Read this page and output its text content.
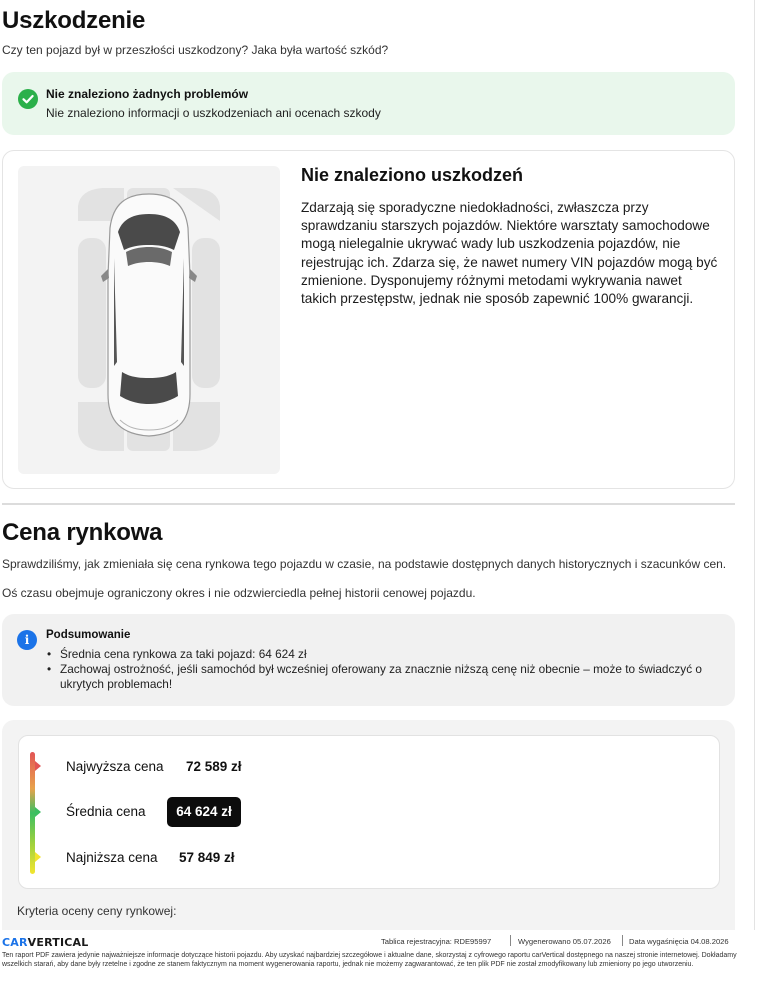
Uszkodzenie
Czy ten pojazd był w przeszłości uszkodzony? Jaka była wartość szkód?
Nie znaleziono żadnych problemów
Nie znaleziono informacji o uszkodzeniach ani ocenach szkody
Nie znaleziono uszkodzeń
Zdarzają się sporadyczne niedokładności, zwłaszcza przy sprawdzaniu starszych pojazdów. Niektóre warsztaty samochodowe mogą nielegalnie ukrywać wady lub uszkodzenia pojazdów, nie rejestrując ich. Zdarza się, że nawet numery VIN pojazdów mogą być zmienione. Dysponujemy różnymi metodami wykrywania nawet takich przestępstw, jednak nie sposób zapewnić 100% gwarancji.
Cena rynkowa
Sprawdziliśmy, jak zmieniała się cena rynkowa tego pojazdu w czasie, na podstawie dostępnych danych historycznych i szacunków cen.
Oś czasu obejmuje ograniczony okres i nie odzwierciedla pełnej historii cenowej pojazdu.
i	Podsumowanie
• Średnia cena rynkowa za taki pojazd: 64 624 zł
• Zachowaj ostrożność, jeśli samochód był wcześniej oferowany za znacznie niższą cenę niż obecnie – może to świadczyć o ukrytych problemach!
Najwyższa cena 72 589 zł
Średnia cena	64 624 zł
Najniższa cena 57 849 zł
Kryteria oceny ceny rynkowej:
CARVERTICAL	Tablica rejestracyjna: RDE95997	Wygenerowano 05.07.2026 Data wygaśnięcia 04.08.2026
Ten raport PDF zawiera jedynie najważniejsze informacje dotyczące historii pojazdu. Aby uzyskać najbardziej szczegółowe i aktualne dane, skorzystaj z cyfrowego raportu carVertical dostępnego na naszej stronie internetowej. Dokładamy wszelkich starań, aby dane były rzetelne i zgodne ze stanem faktycznym na moment wygenerowania raportu, jednak nie możemy zagwarantować, że ten plik PDF nie został zmodyfikowany lub zmieniony po jego utworzeniu.
